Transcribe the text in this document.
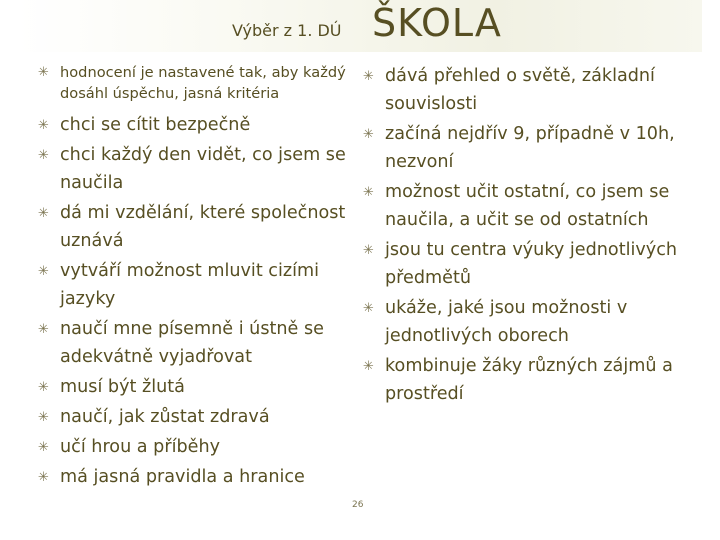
Výběr z 1. DÚ ŠKOLA
✳ hodnocení je nastavené tak, aby každý dosáhl úspěchu, jasná kritéria
✳ chci se cítit bezpečně
✳ chci každý den vidět, co jsem se naučila
✳ dá mi vzdělání, které společnost uznává
✳ vytváří možnost mluvit cizími jazyky
✳ naučí mne písemně i ústně se adekvátně vyjadřovat
✳ musí být žlutá
✳ naučí, jak zůstat zdravá
✳ učí hrou a příběhy
✳ má jasná pravidla a hranice
✳ dává přehled o světě, základní souvislosti
✳ začíná nejdřív 9, případně v 10h, nezvoní
✳ možnost učit ostatní, co jsem se naučila, a učit se od ostatních
✳ jsou tu centra výuky jednotlivých předmětů
✳ ukáže, jaké jsou možnosti v jednotlivých oborech
✳ kombinuje žáky různých zájmů a prostředí
26
